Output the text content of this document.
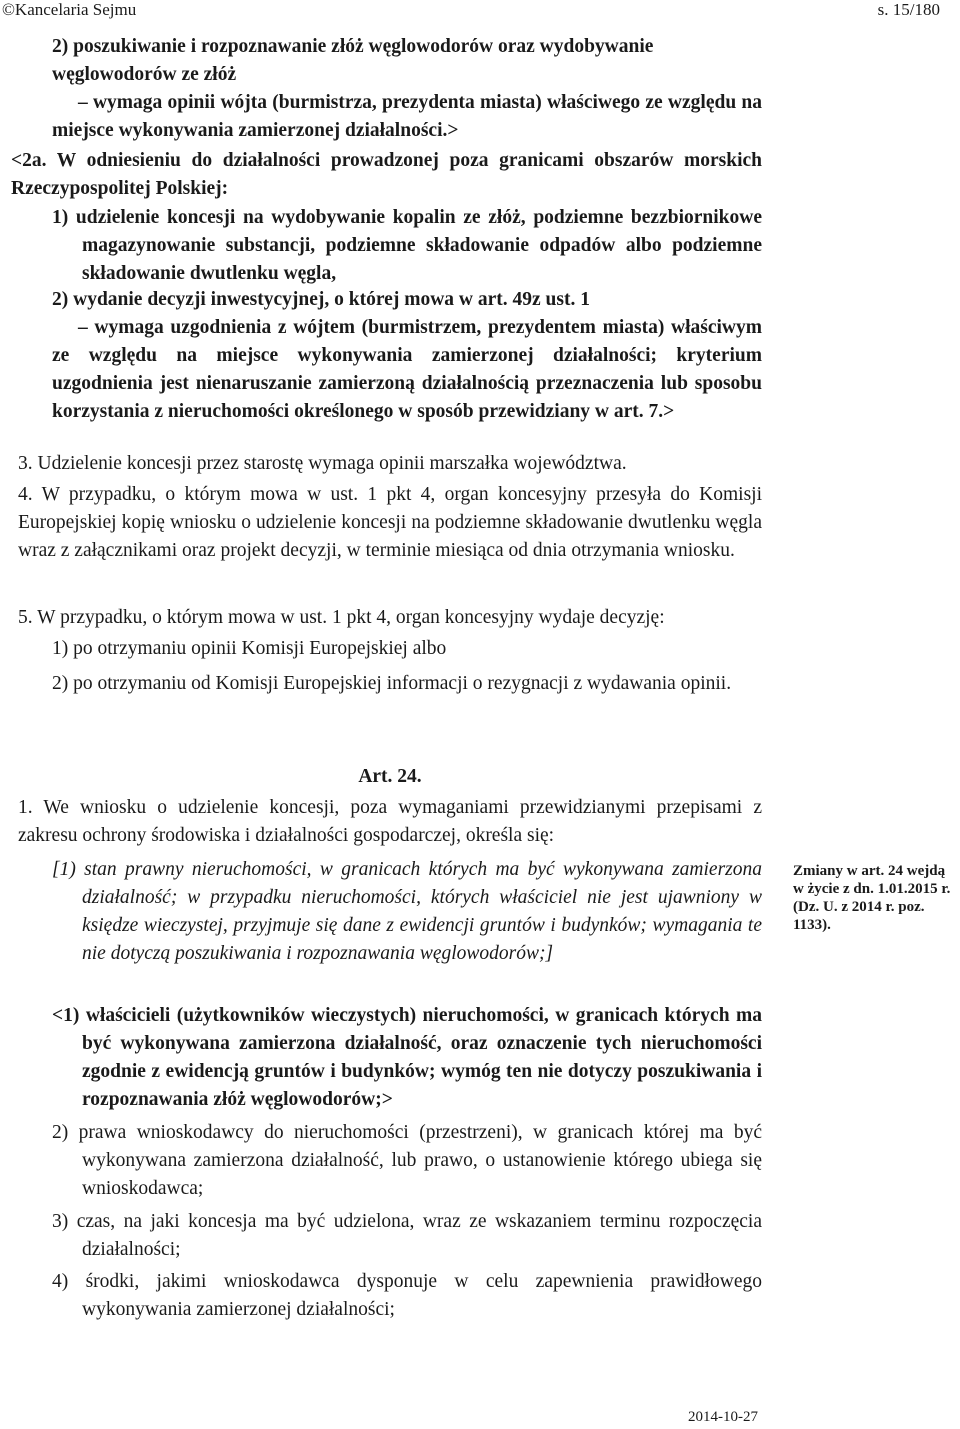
©Kancelaria Sejmu	s. 15/180

2) poszukiwanie i rozpoznawanie złóż węglowodorów oraz wydobywanie węglowodorów ze złóż

– wymaga opinii wójta (burmistrza, prezydenta miasta) właściwego ze względu na miejsce wykonywania zamierzonej działalności.>

<2a. W odniesieniu do działalności prowadzonej poza granicami obszarów morskich Rzeczypospolitej Polskiej:

1) udzielenie koncesji na wydobywanie kopalin ze złóż, podziemne bezzbiornikowe magazynowanie substancji, podziemne składowanie odpadów albo podziemne składowanie dwutlenku węgla,

2) wydanie decyzji inwestycyjnej, o której mowa w art. 49z ust. 1

– wymaga uzgodnienia z wójtem (burmistrzem, prezydentem miasta) właściwym ze względu na miejsce wykonywania zamierzonej działalności; kryterium uzgodnienia jest nienaruszanie zamierzoną działalnością przeznaczenia lub sposobu korzystania z nieruchomości określonego w sposób przewidziany w art. 7.>

3. Udzielenie koncesji przez starostę wymaga opinii marszałka województwa.

4. W przypadku, o którym mowa w ust. 1 pkt 4, organ koncesyjny przesyła do Komisji Europejskiej kopię wniosku o udzielenie koncesji na podziemne składowanie dwutlenku węgla wraz z załącznikami oraz projekt decyzji, w terminie miesiąca od dnia otrzymania wniosku.

5. W przypadku, o którym mowa w ust. 1 pkt 4, organ koncesyjny wydaje decyzję:

1) po otrzymaniu opinii Komisji Europejskiej albo

2) po otrzymaniu od Komisji Europejskiej informacji o rezygnacji z wydawania opinii.

Art. 24.

1. We wniosku o udzielenie koncesji, poza wymaganiami przewidzianymi przepisami z zakresu ochrony środowiska i działalności gospodarczej, określa się:

[1) stan prawny nieruchomości, w granicach których ma być wykonywana zamierzona działalność; w przypadku nieruchomości, których właściciel nie jest ujawniony w księdze wieczystej, przyjmuje się dane z ewidencji gruntów i budynków; wymagania te nie dotyczą poszukiwania i rozpoznawania węglowodorów;]

<1) właścicieli (użytkowników wieczystych) nieruchomości, w granicach których ma być wykonywana zamierzona działalność, oraz oznaczenie tych nieruchomości zgodnie z ewidencją gruntów i budynków; wymóg ten nie dotyczy poszukiwania i rozpoznawania złóż węglowodorów;>

2) prawa wnioskodawcy do nieruchomości (przestrzeni), w granicach której ma być wykonywana zamierzona działalność, lub prawo, o ustanowienie którego ubiega się wnioskodawca;

3) czas, na jaki koncesja ma być udzielona, wraz ze wskazaniem terminu rozpoczęcia działalności;

4) środki, jakimi wnioskodawca dysponuje w celu zapewnienia prawidłowego wykonywania zamierzonej działalności;

Zmiany w art. 24 wejdą w życie z dn. 1.01.2015 r. (Dz. U. z 2014 r. poz. 1133).
2014-10-27
